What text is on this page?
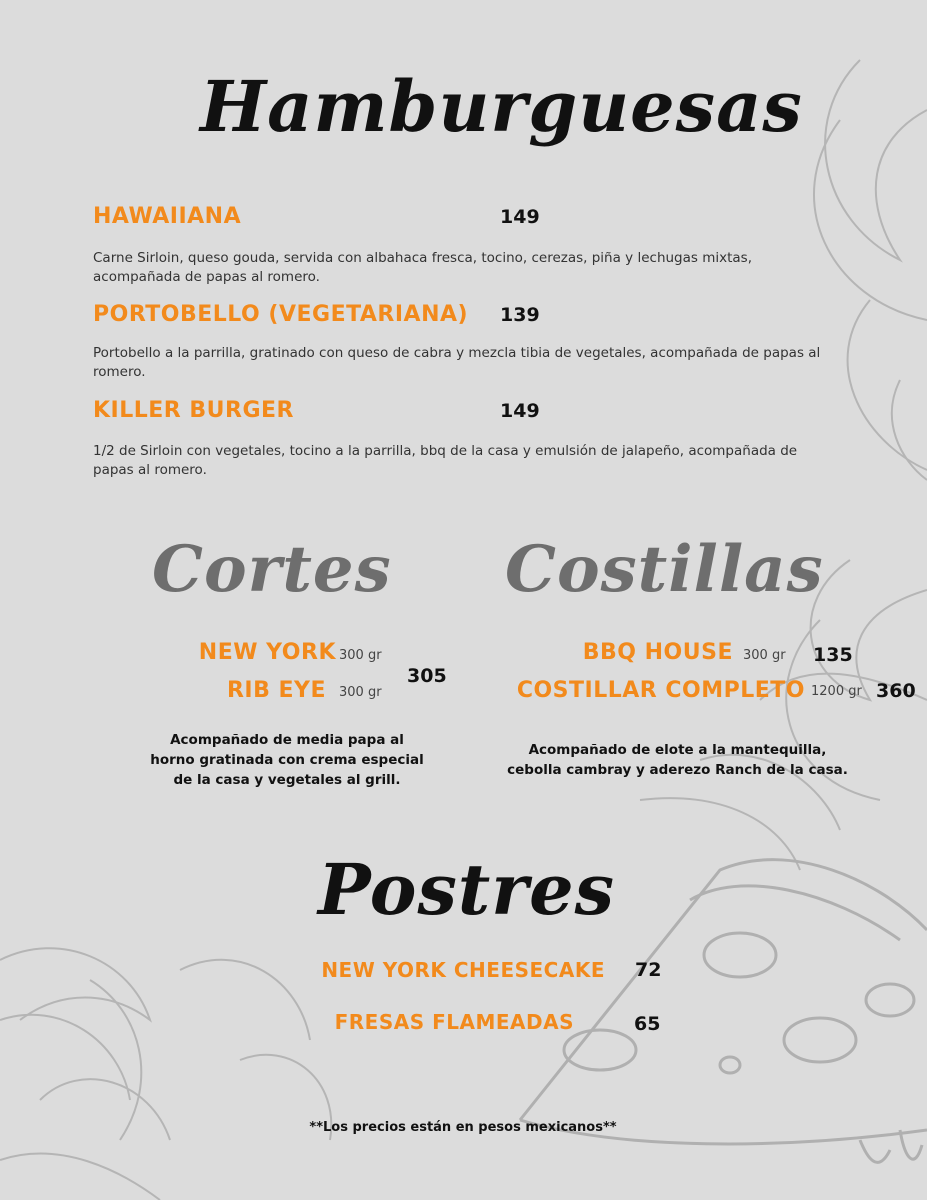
Hamburguesas
HAWAIIANA	149
Carne Sirloin, queso gouda, servida con albahaca fresca, tocino, cerezas, piña y lechugas mixtas, acompañada de papas al romero.
PORTOBELLO (VEGETARIANA) 139
Portobello a la parrilla, gratinado con queso de cabra y mezcla tibia de vegetales, acompañada de papas al romero.
KILLER BURGER	149
1/2 de Sirloin con vegetales, tocino a la parrilla, bbq de la casa y emulsión de jalapeño, acompañada de papas al romero.
Cortes
NEW YORK 300 gr
RIB EYE 300 gr
305
Acompañado de media papa al horno gratinada con crema especial de la casa y vegetales al grill.
Costillas
BBQ HOUSE 300 gr 135
COSTILLAR COMPLETO 1200 gr 360
Acompañado de elote a la mantequilla, cebolla cambray y aderezo Ranch de la casa.
Postres
NEW YORK CHEESECAKE 72
FRESAS FLAMEADAS	65
**Los precios están en pesos mexicanos**
